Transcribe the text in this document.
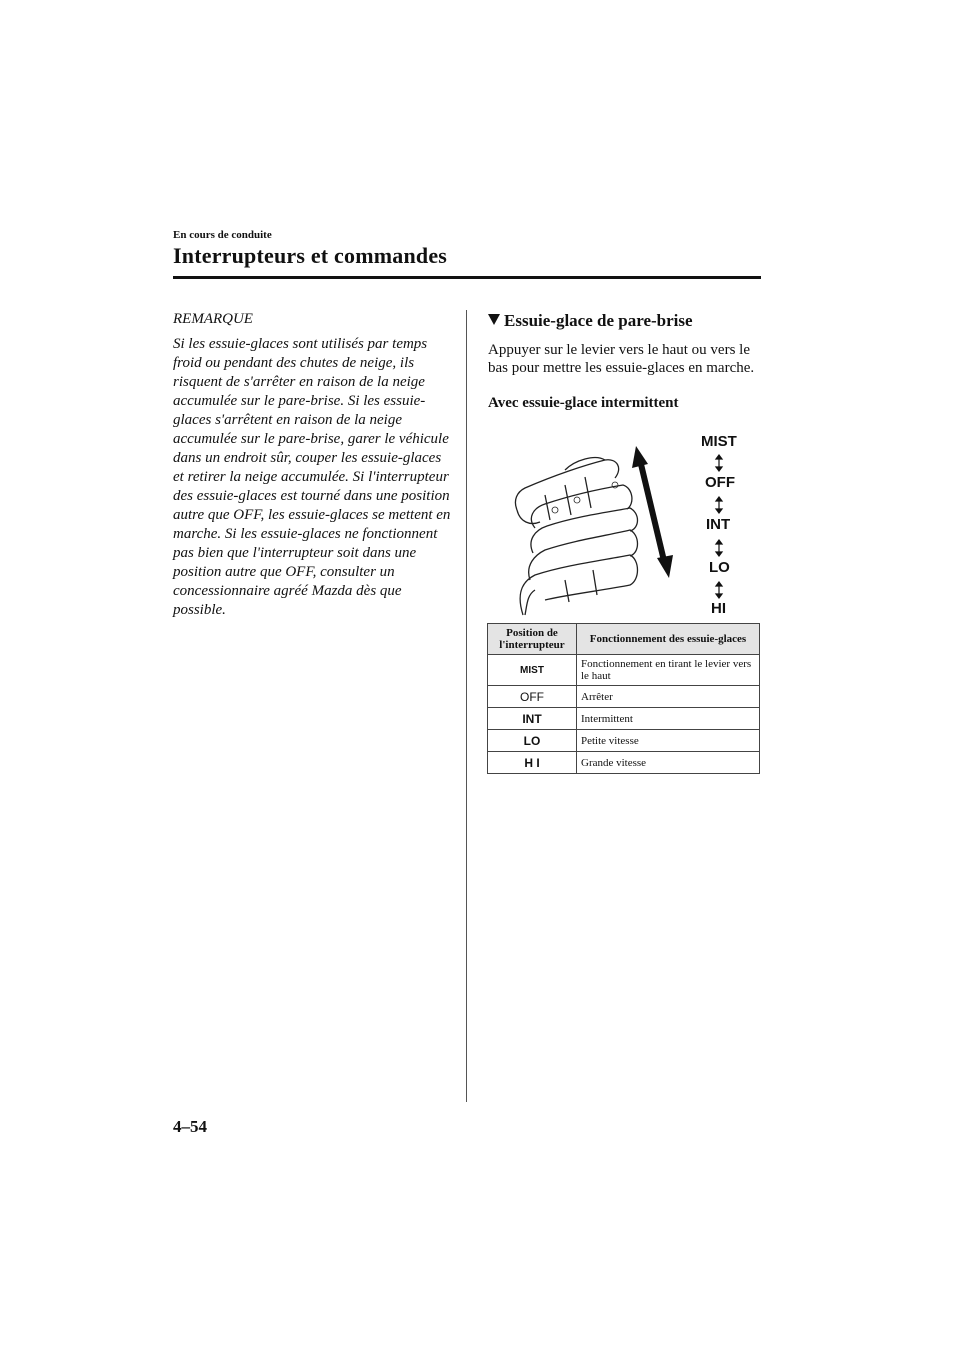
En cours de conduite
Interrupteurs et commandes
REMARQUE
Si les essuie-glaces sont utilisés par temps froid ou pendant des chutes de neige, ils risquent de s'arrêter en raison de la neige accumulée sur le pare-brise. Si les essuie-glaces s'arrêtent en raison de la neige accumulée sur le pare-brise, garer le véhicule dans un endroit sûr, couper les essuie-glaces et retirer la neige accumulée. Si l'interrupteur des essuie-glaces est tourné dans une position autre que OFF, les essuie-glaces se mettent en marche. Si les essuie-glaces ne fonctionnent pas bien que l'interrupteur soit dans une position autre que OFF, consulter un concessionnaire agréé Mazda dès que possible.
Essuie-glace de pare-brise
Appuyer sur le levier vers le haut ou vers le bas pour mettre les essuie-glaces en marche.
Avec essuie-glace intermittent
MIST
OFF
INT
LO
HI
Position de l'interrupteur	Fonctionnement des essuie-glaces
MIST	Fonctionnement en tirant le levier vers le haut
OFF	Arrêter
INT	Intermittent
LO	Petite vitesse
H I	Grande vitesse
4–54
